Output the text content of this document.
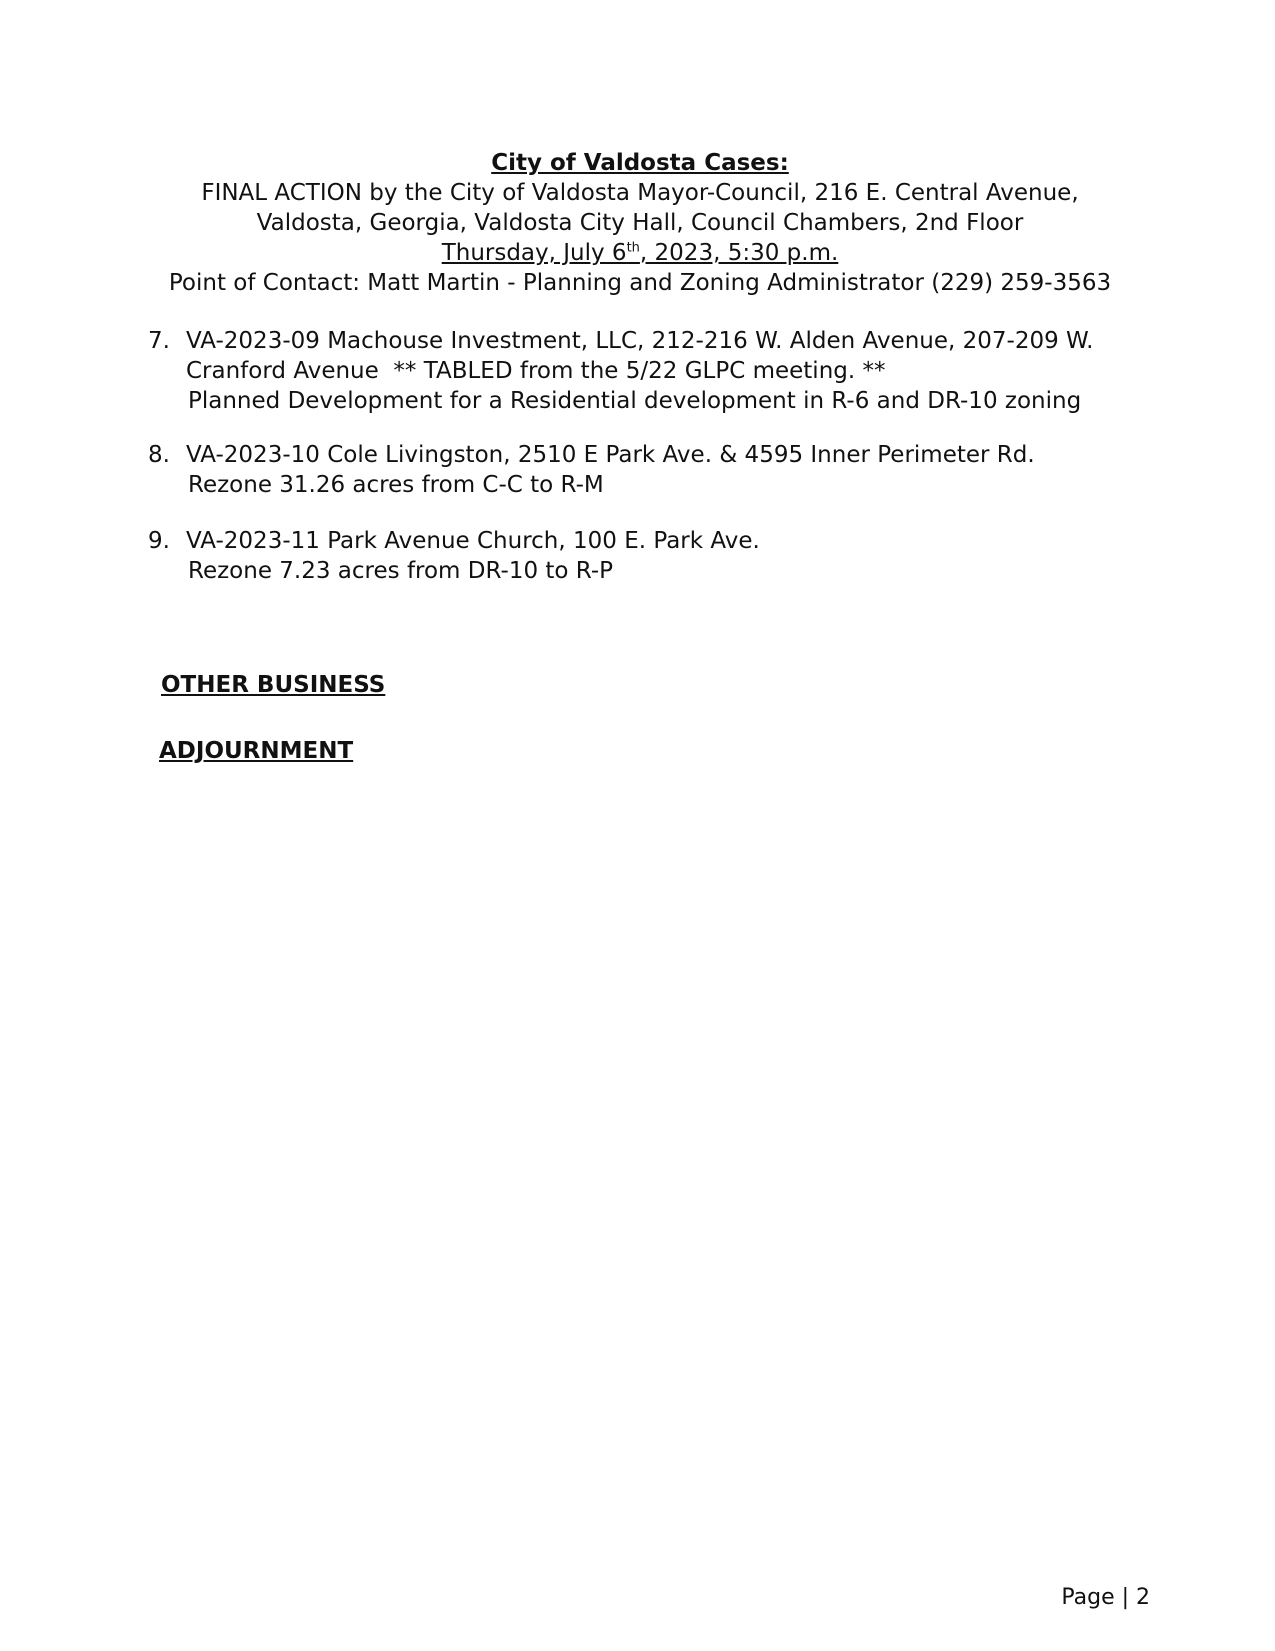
City of Valdosta Cases:
FINAL ACTION by the City of Valdosta Mayor-Council, 216 E. Central Avenue,
Valdosta, Georgia, Valdosta City Hall, Council Chambers, 2nd Floor
Thursday, July 6th, 2023, 5:30 p.m.
Point of Contact: Matt Martin - Planning and Zoning Administrator (229) 259-3563
7. VA-2023-09 Machouse Investment, LLC, 212-216 W. Alden Avenue, 207-209 W.
Cranford Avenue  ** TABLED from the 5/22 GLPC meeting. **
Planned Development for a Residential development in R-6 and DR-10 zoning
8. VA-2023-10 Cole Livingston, 2510 E Park Ave. & 4595 Inner Perimeter Rd.
Rezone 31.26 acres from C-C to R-M
9. VA-2023-11 Park Avenue Church, 100 E. Park Ave.
Rezone 7.23 acres from DR-10 to R-P
OTHER BUSINESS
ADJOURNMENT
Page | 2
